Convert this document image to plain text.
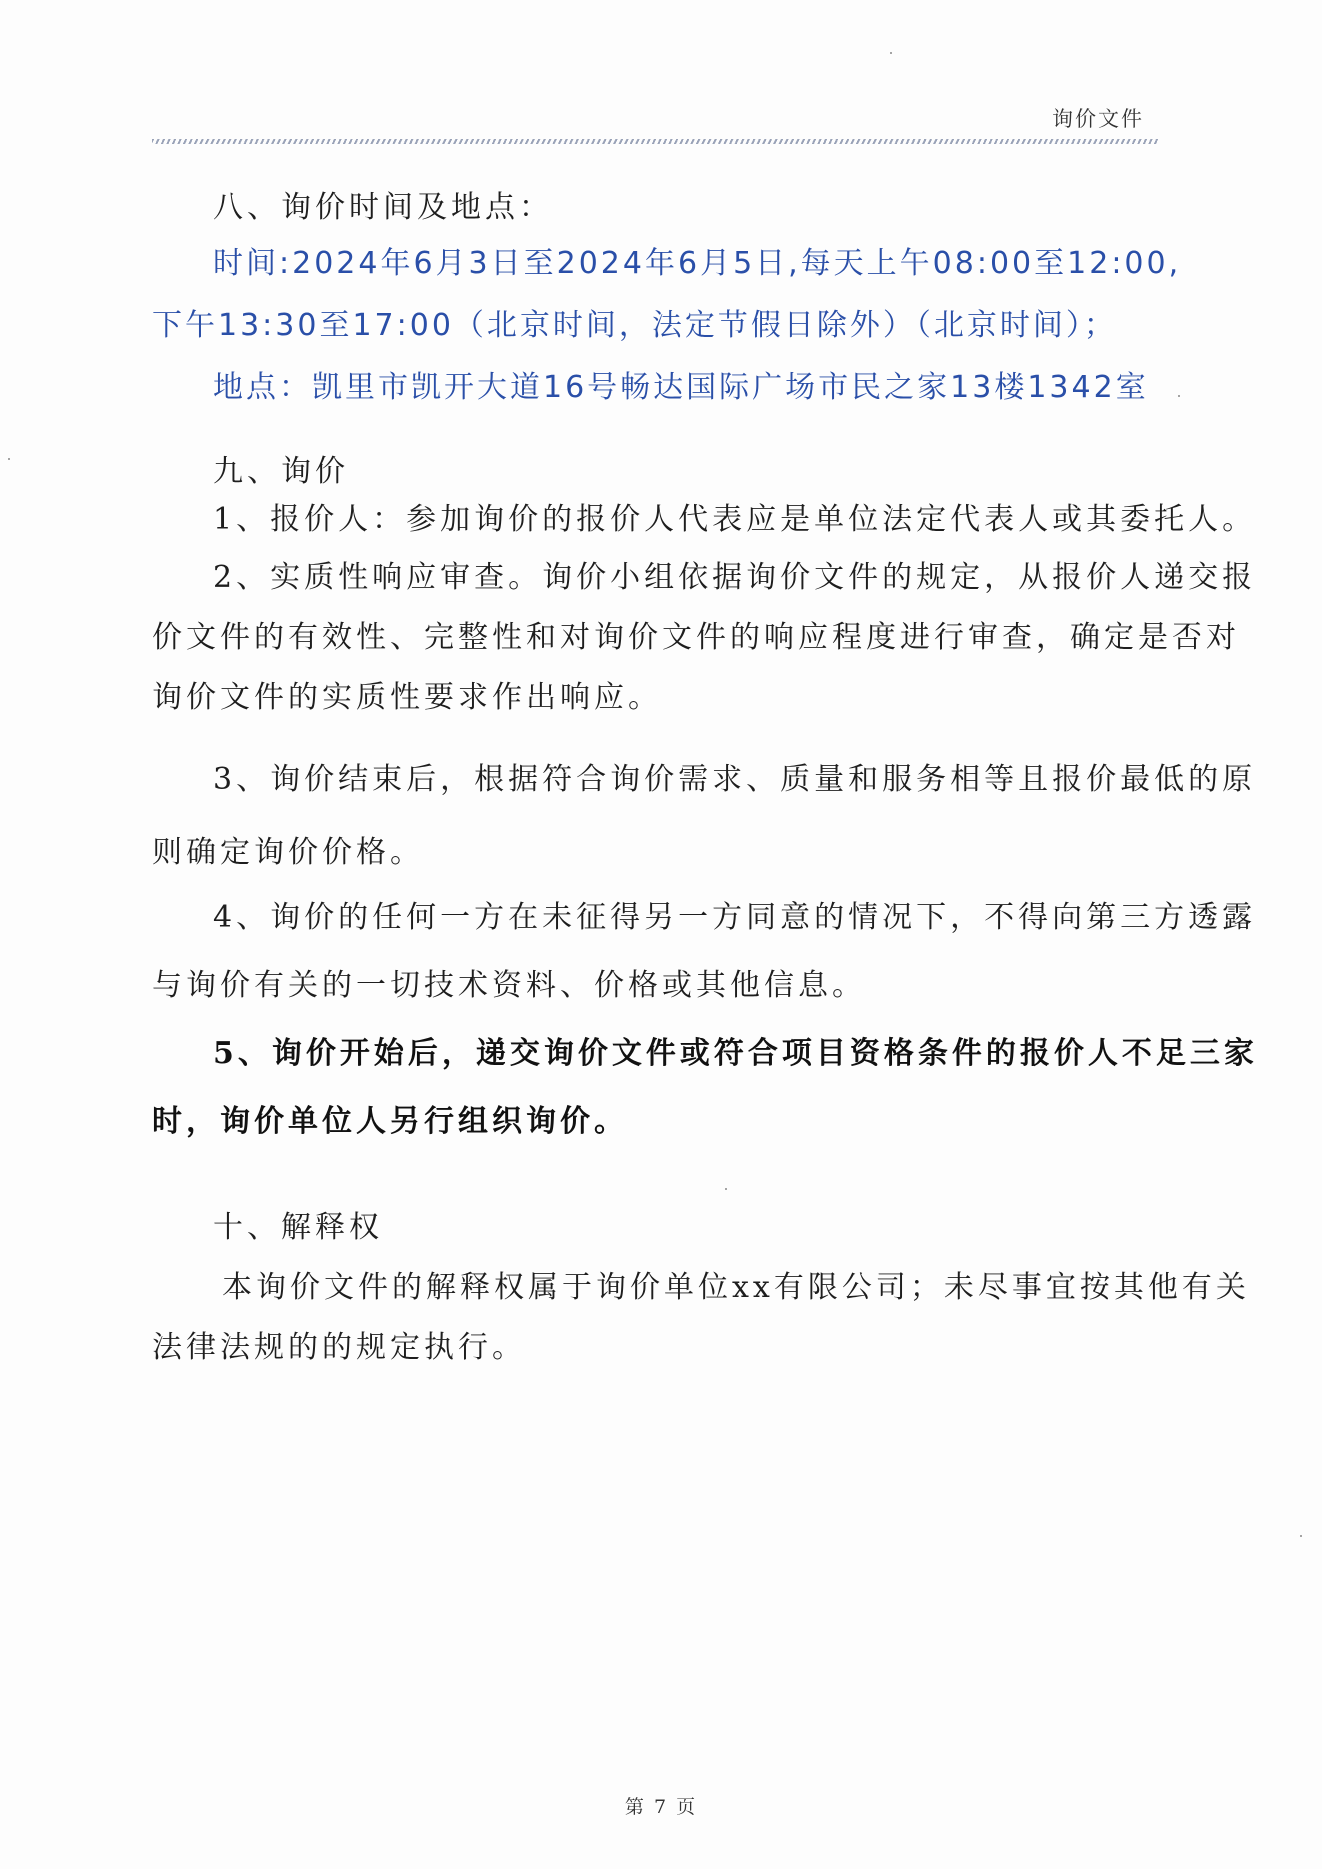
询价文件
八、询价时间及地点：
时间:2024年6月3日至2024年6月5日,每天上午08:00至12:00,
下午13:30至17:00（北京时间，法定节假日除外）（北京时间）；
地点：凯里市凯开大道16号畅达国际广场市民之家13楼1342室
九、询价
1、报价人：参加询价的报价人代表应是单位法定代表人或其委托人。
2、实质性响应审查。询价小组依据询价文件的规定，从报价人递交报
价文件的有效性、完整性和对询价文件的响应程度进行审查，确定是否对
询价文件的实质性要求作出响应。
3、询价结束后，根据符合询价需求、质量和服务相等且报价最低的原
则确定询价价格。
4、询价的任何一方在未征得另一方同意的情况下，不得向第三方透露
与询价有关的一切技术资料、价格或其他信息。
5、询价开始后，递交询价文件或符合项目资格条件的报价人不足三家
时，询价单位人另行组织询价。
十、解释权
本询价文件的解释权属于询价单位xx有限公司；未尽事宜按其他有关
法律法规的的规定执行。
第 7 页
